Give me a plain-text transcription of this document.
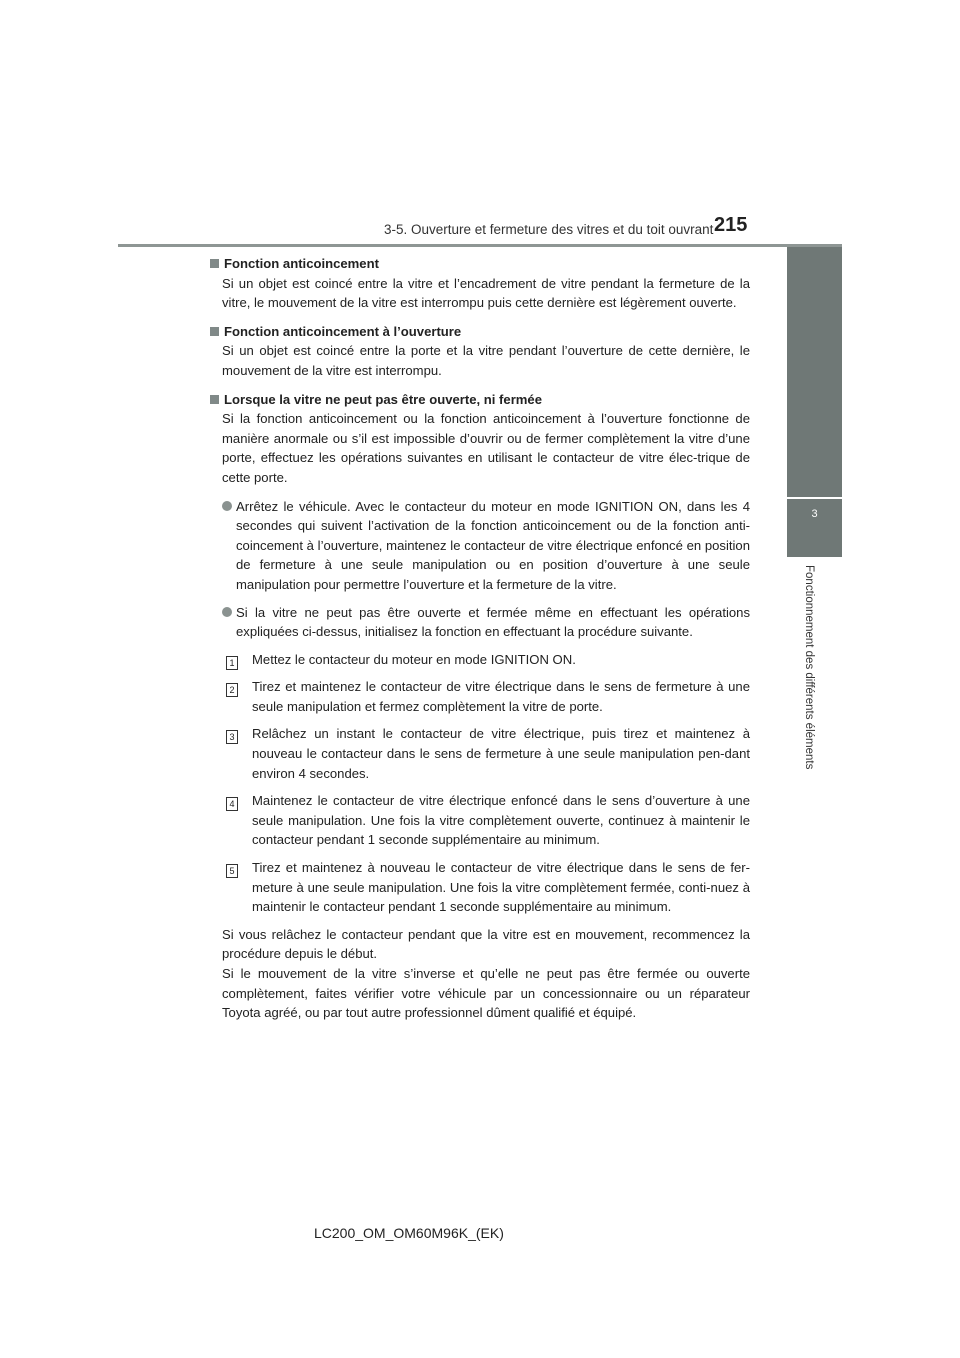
3-5. Ouverture et fermeture des vitres et du toit ouvrant 215
3
Fonctionnement des différents éléments
Fonction anticoincement
Si un objet est coincé entre la vitre et l’encadrement de vitre pendant la fermeture de la vitre, le mouvement de la vitre est interrompu puis cette dernière est légèrement ouverte.
Fonction anticoincement à l’ouverture
Si un objet est coincé entre la porte et la vitre pendant l’ouverture de cette dernière, le mouvement de la vitre est interrompu.
Lorsque la vitre ne peut pas être ouverte, ni fermée
Si la fonction anticoincement ou la fonction anticoincement à l’ouverture fonctionne de manière anormale ou s’il est impossible d’ouvrir ou de fermer complètement la vitre d’une porte, effectuez les opérations suivantes en utilisant le contacteur de vitre élec-trique de cette porte.
Arrêtez le véhicule. Avec le contacteur du moteur en mode IGNITION ON, dans les 4 secondes qui suivent l’activation de la fonction anticoincement ou de la fonction anti-coincement à l’ouverture, maintenez le contacteur de vitre électrique enfoncé en position de fermeture à une seule manipulation ou en position d’ouverture à une seule manipulation pour permettre l’ouverture et la fermeture de la vitre.
Si la vitre ne peut pas être ouverte et fermée même en effectuant les opérations expliquées ci-dessus, initialisez la fonction en effectuant la procédure suivante.
1	Mettez le contacteur du moteur en mode IGNITION ON.
2	Tirez et maintenez le contacteur de vitre électrique dans le sens de fermeture à une seule manipulation et fermez complètement la vitre de porte.
3	Relâchez un instant le contacteur de vitre électrique, puis tirez et maintenez à nouveau le contacteur dans le sens de fermeture à une seule manipulation pen-dant environ 4 secondes.
4	Maintenez le contacteur de vitre électrique enfoncé dans le sens d’ouverture à une seule manipulation. Une fois la vitre complètement ouverte, continuez à maintenir le contacteur pendant 1 seconde supplémentaire au minimum.
5	Tirez et maintenez à nouveau le contacteur de vitre électrique dans le sens de fer-meture à une seule manipulation. Une fois la vitre complètement fermée, conti-nuez à maintenir le contacteur pendant 1 seconde supplémentaire au minimum.
Si vous relâchez le contacteur pendant que la vitre est en mouvement, recommencez la procédure depuis le début.
Si le mouvement de la vitre s’inverse et qu’elle ne peut pas être fermée ou ouverte complètement, faites vérifier votre véhicule par un concessionnaire ou un réparateur Toyota agréé, ou par tout autre professionnel dûment qualifié et équipé.
LC200_OM_OM60M96K_(EK)
